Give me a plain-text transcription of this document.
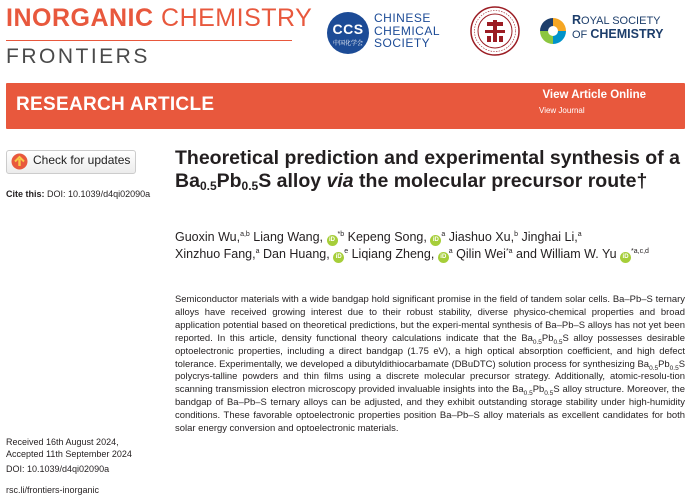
INORGANIC CHEMISTRY
FRONTIERS
CCS
中国化学会
CHINESE
CHEMICAL
SOCIETY
ROYAL SOCIETY
OF CHEMISTRY
RESEARCH ARTICLE	View Article Online
View Journal
Check for updates
Cite this: DOI: 10.1039/d4qi02090a
Theoretical prediction and experimental synthesis of a $Ba_{0.5}Pb_{0.5}S$ alloy via the molecular precursor route†
Guoxin Wu,$^{a,b}$ Liang Wang, $iD^{*b}$ Kepeng Song, $iD^a$ Jiashuo Xu,$^b$ Jinghai Li,$^a$
Xinzhuo Fang,$^a$ Dan Huang, $iD^e$ Liqiang Zheng, $iD^a$ Qilin Wei$^{*a}$ and William W. Yu iD$^{*a,c,d}$
Semiconductor materials with a wide bandgap hold significant promise in the field of tandem solar cells. Ba–Pb–S ternary alloys have received growing interest due to their robust stability, diverse physico-chemical properties and broad application potential based on theoretical predictions, but the experi-mental synthesis of Ba–Pb–S alloys has not yet been reported. In this article, density functional theory calculations indicate that the $Ba_{0.5}Pb_{0.5}S$ alloy possesses desirable optoelectronic properties, including a direct bandgap (1.75 eV), a high optical absorption coefficient, and high defect tolerance. Experimentally, we developed a dibutyldithiocarbamate (DBuDTC) solution process for synthesizing $Ba_{0.5}Pb_{0.5}S$ polycrys-talline powders and thin films using a discrete molecular precursor strategy. Additionally, atomic-resolu-tion scanning transmission electron microscopy provided invaluable insights into the $Ba_{0.5}Pb_{0.5}S$ alloy structure. Moreover, the bandgap of Ba–Pb–S ternary alloys can be adjusted, and they exhibit outstanding storage stability under high-humidity conditions. These favorable optoelectronic properties position Ba–Pb–S alloy materials as excellent candidates for both solar energy conversion and optoelectronic materials.
Received 16th August 2024,
Accepted 11th September 2024
DOI: 10.1039/d4qi02090a
rsc.li/frontiers-inorganic
